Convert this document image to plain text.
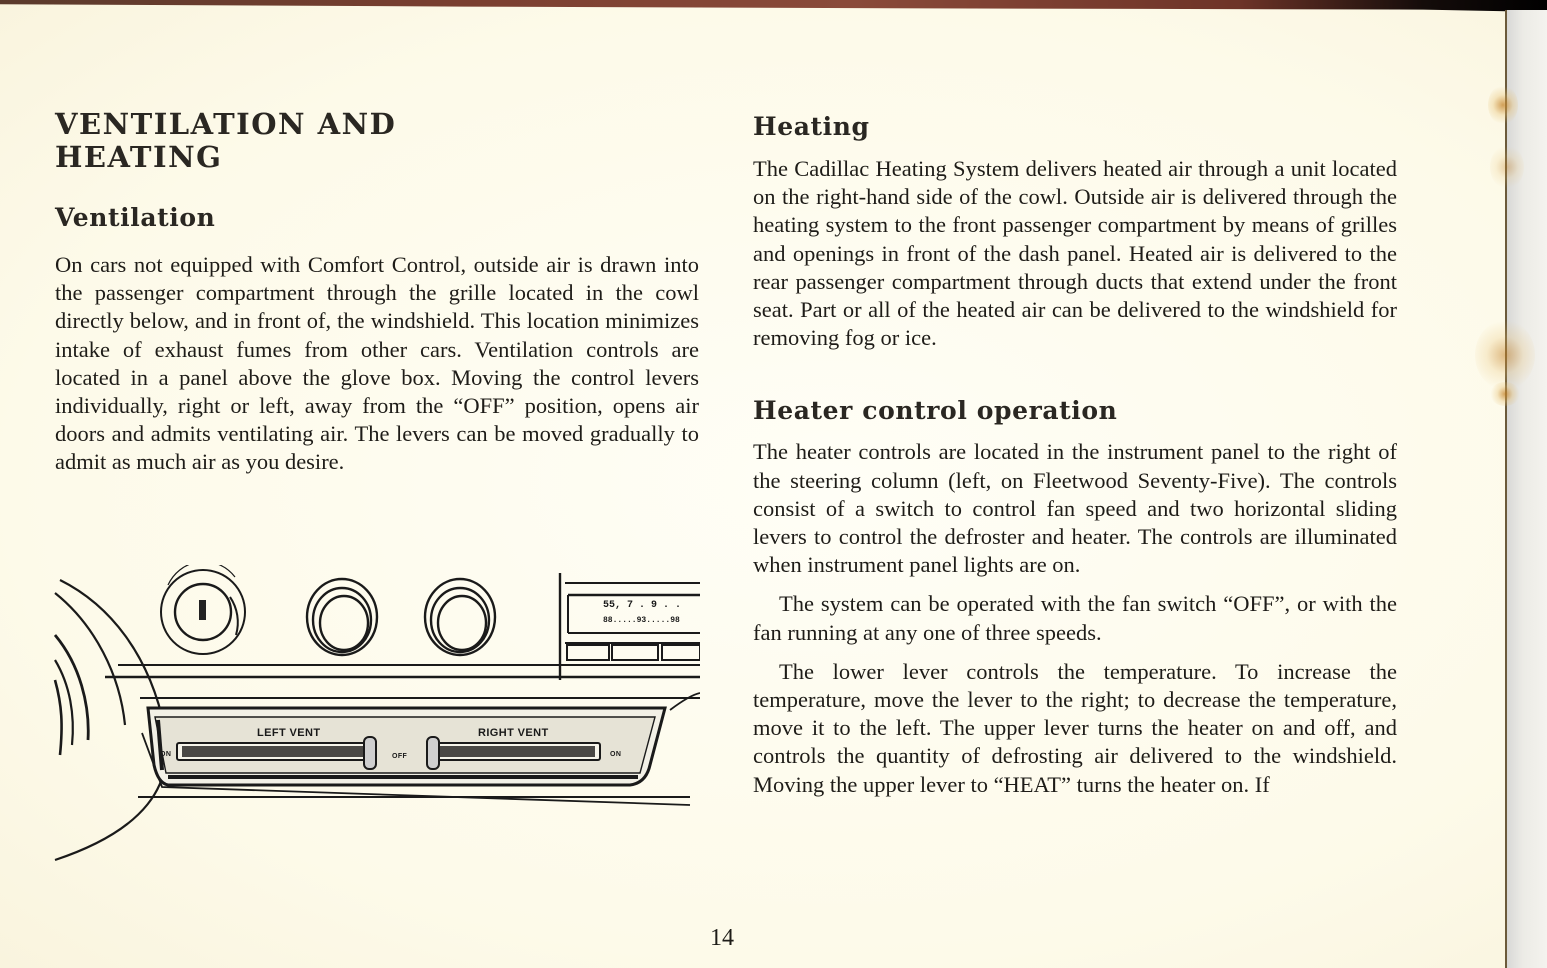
VENTILATION AND
HEATING
Ventilation

On cars not equipped with Comfort Control, outside air is drawn into the passenger compartment through the grille located in the cowl directly below, and in front of, the windshield. This location minimizes intake of exhaust fumes from other cars. Ventilation controls are located in a panel above the glove box. Moving the control levers individually, right or left, away from the “OFF” position, opens air doors and admits ventilating air. The levers can be moved gradually to admit as much air as you desire.

55, 7 . 9 . .
88.....93.....98
LEFT VENT	RIGHT VENT
ON	OFF	ON
Heating

The Cadillac Heating System delivers heated air through a unit located on the right-hand side of the cowl. Outside air is delivered through the heating system to the front passenger compartment by means of grilles and openings in front of the dash panel. Heated air is delivered to the rear passenger compartment through ducts that extend under the front seat. Part or all of the heated air can be delivered to the windshield for removing fog or ice.

Heater control operation

The heater controls are located in the instrument panel to the right of the steering column (left, on Fleetwood Seventy-Five). The controls consist of a switch to control fan speed and two horizontal sliding levers to control the defroster and heater. The controls are illuminated when instrument panel lights are on.

The system can be operated with the fan switch “OFF”, or with the fan running at any one of three speeds.

The lower lever controls the temperature. To increase the temperature, move the lever to the right; to decrease the temperature, move it to the left. The upper lever turns the heater on and off, and controls the quantity of defrosting air delivered to the windshield. Moving the upper lever to “HEAT” turns the heater on. If

14
